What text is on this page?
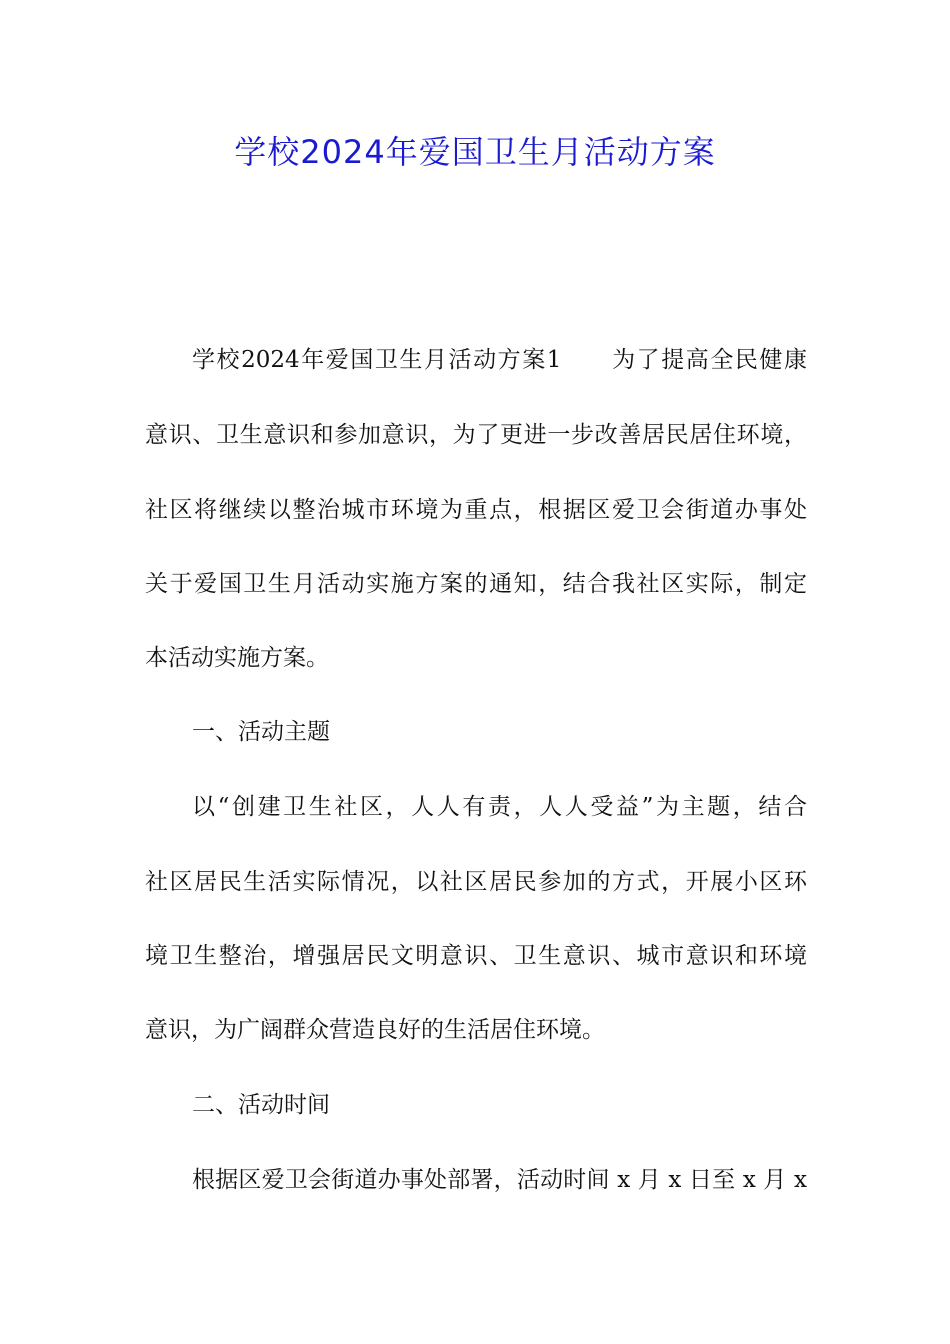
学校2024年爱国卫生月活动方案
学校2024年爱国卫生月活动方案1　　为了提高全民健康
意识、卫生意识和参加意识，为了更进一步改善居民居住环境，
社区将继续以整治城市环境为重点，根据区爱卫会街道办事处
关于爱国卫生月活动实施方案的通知，结合我社区实际，制定
本活动实施方案。
一、活动主题
以“创建卫生社区，人人有责，人人受益”为主题，结合
社区居民生活实际情况，以社区居民参加的方式，开展小区环
境卫生整治，增强居民文明意识、卫生意识、城市意识和环境
意识，为广阔群众营造良好的生活居住环境。
二、活动时间
根据区爱卫会街道办事处部署，活动时间 x 月 x 日至 x 月 x
